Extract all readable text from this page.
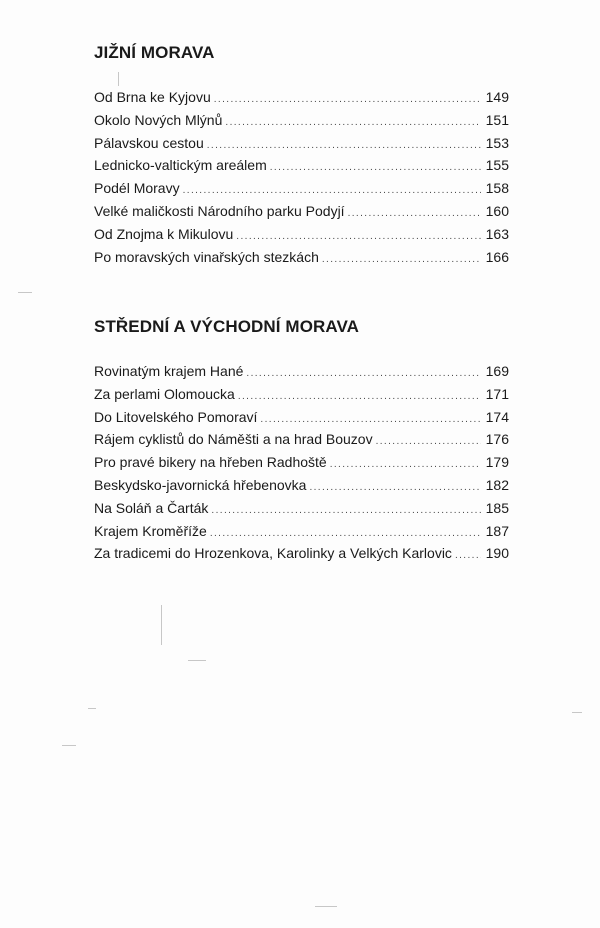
JIŽNÍ MORAVA
Od Brna ke Kyjovu .....	149
Okolo Nových Mlýnů .....	151
Pálavskou cestou .....	153
Lednicko-valtickým areálem .....	155
Podél Moravy .....	158
Velké maličkosti Národního parku Podyjí .....	160
Od Znojma k Mikulovu .....	163
Po moravských vinařských stezkách .....	166
STŘEDNÍ A VÝCHODNÍ MORAVA
Rovinatým krajem Hané .....	169
Za perlami Olomoucka .....	171
Do Litovelského Pomoraví .....	174
Rájem cyklistů do Náměšti a na hrad Bouzov .....	176
Pro pravé bikery na hřeben Radhoště .....	179
Beskydsko-javornická hřebenovka .....	182
Na Soláň a Čarták .....	185
Krajem Kroměříže .....	187
Za tradicemi do Hrozenkova, Karolinky a Velkých Karlovic .....	190
